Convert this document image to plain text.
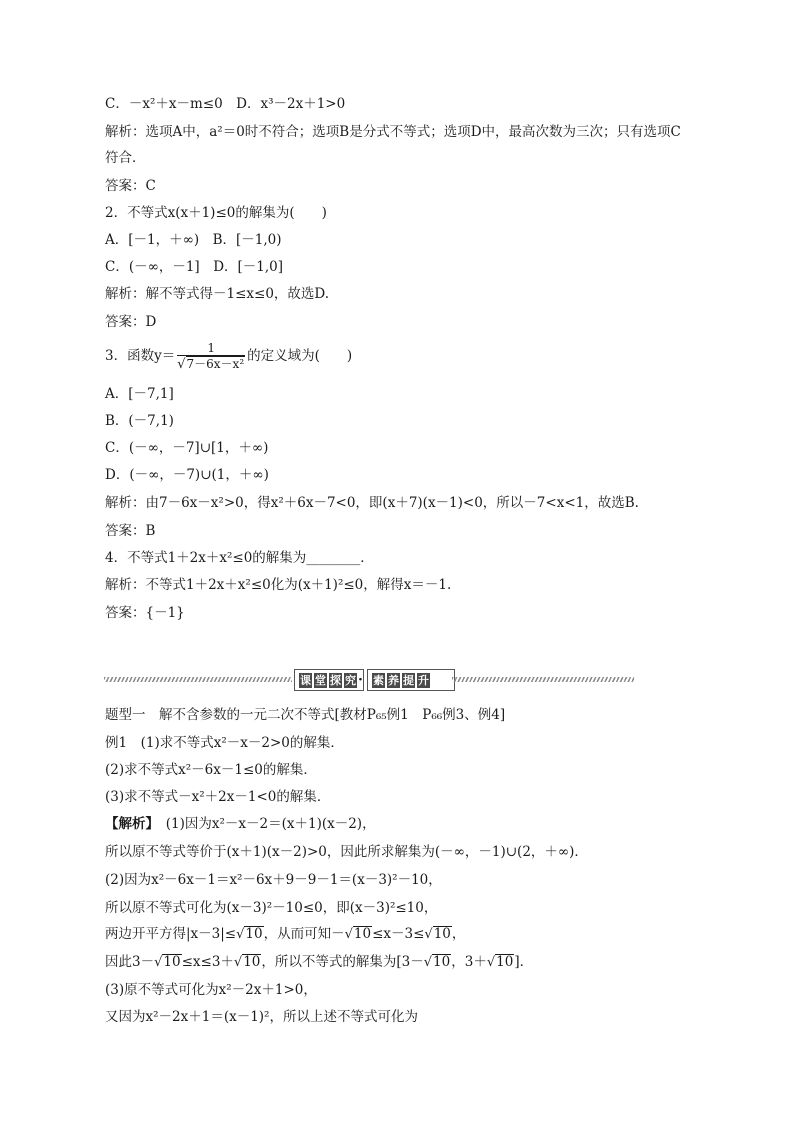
C．－x²＋x－m≤0　D．x³－2x＋1>0
解析：选项A中，a²＝0时不符合；选项B是分式不等式；选项D中，最高次数为三次；只有选项C
符合．
答案：C
2．不等式x(x＋1)≤0的解集为(　　)
A．[－1，＋∞)　B．[－1,0)
C．(－∞，－1]　D．[－1,0]
解析：解不等式得－1≤x≤0，故选D.
答案：D
3．函数$y= \frac{1}{\text{√7－6x－x²}}$ 的定义域为(　　)
A．[－7,1]
B．(－7,1)
C．(－∞，－7]∪[1，＋∞)
D．(－∞，－7)∪(1，＋∞)
解析：由7－6x－x²>0，得x²＋6x－7<0，即(x＋7)(x－1)<0，所以－7<x<1，故选B.
答案：B
4．不等式1＋2x＋x²≤0的解集为________．
解析：不等式1＋2x＋x²≤0化为(x＋1)²≤0，解得x＝－1.
答案：{－1}
课 堂 探 究 · 素 养 提 升
题型一　解不含参数的一元二次不等式[教材P₆₅例1　P₆₆例3、例4]
例1　(1)求不等式x²－x－2>0的解集．
(2)求不等式x²－6x－1≤0的解集．
(3)求不等式－x²＋2x－1<0的解集．
【解析】　 (1)因为x²－x－2＝(x＋1)(x－2)，
所以原不等式等价于(x＋1)(x－2)>0，因此所求解集为(－∞，－1)∪(2，＋∞)．
(2)因为x²－6x－1＝x²－6x＋9－9－1＝(x－3)²－10，
所以原不等式可化为(x－3)²－10≤0，即(x－3)²≤10，
两边开平方得|x－3|≤√10，从而可知－√10≤x－3≤√10，
因此3－√10≤x≤3＋√10，所以不等式的解集为[3－√10，3＋√10]．
(3)原不等式可化为x²－2x＋1>0，
又因为x²－2x＋1＝(x－1)²，所以上述不等式可化为
